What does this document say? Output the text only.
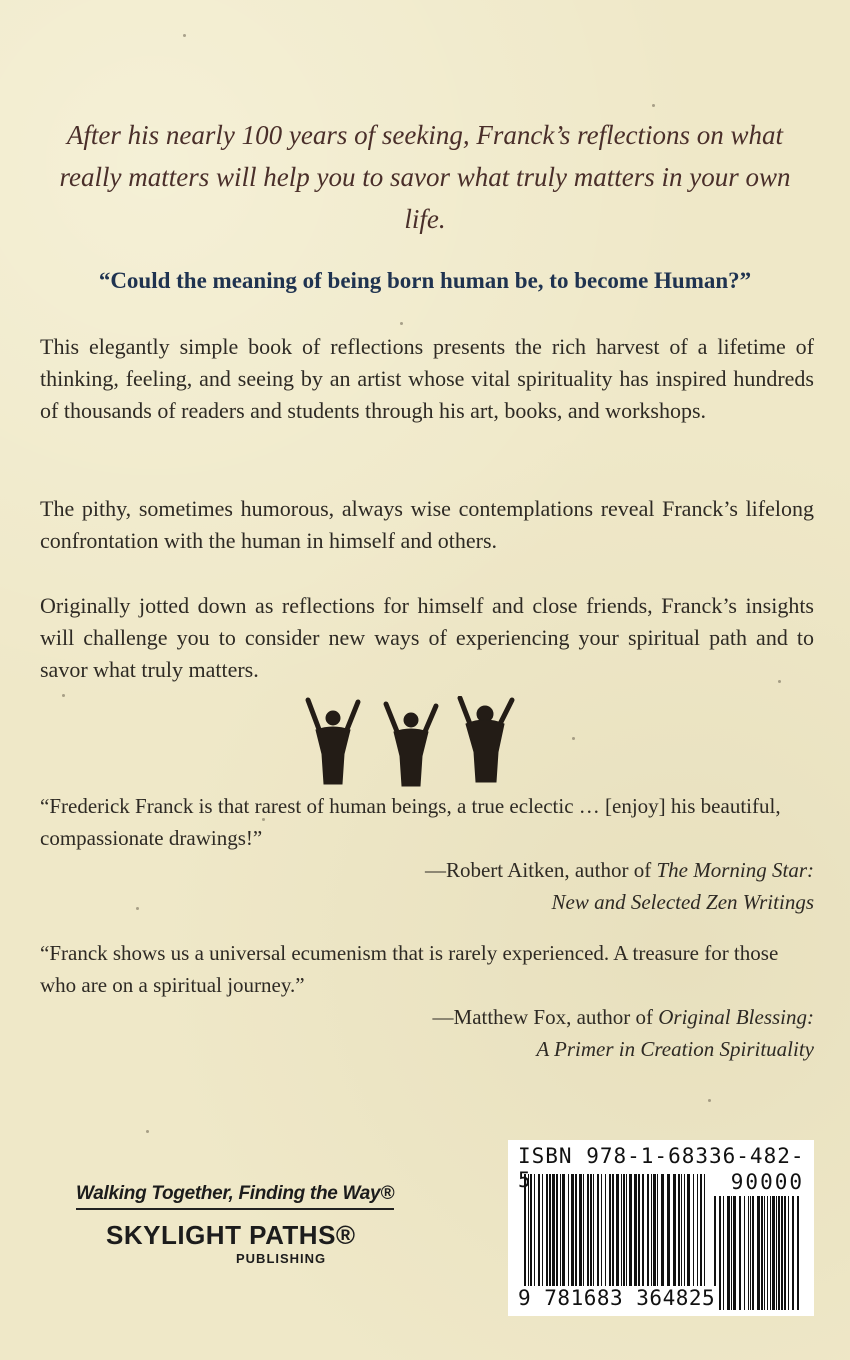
After his nearly 100 years of seeking, Franck’s reflections on what really matters will help you to savor what truly matters in your own life.
“Could the meaning of being born human be, to become Human?”

This elegantly simple book of reflections presents the rich harvest of a lifetime of thinking, feeling, and seeing by an artist whose vital spirituality has inspired hundreds of thousands of readers and students through his art, books, and workshops.

The pithy, sometimes humorous, always wise contemplations reveal Franck’s lifelong confrontation with the human in himself and others.

Originally jotted down as reflections for himself and close friends, Franck’s insights will challenge you to consider new ways of experiencing your spiritual path and to savor what truly matters.

“Frederick Franck is that rarest of human beings, a true eclectic … [enjoy] his beautiful, compassionate drawings!”
—Robert Aitken, author of The Morning Star:
New and Selected Zen Writings
“Franck shows us a universal ecumenism that is rarely experienced. A treasure for those who are on a spiritual journey.”
—Matthew Fox, author of Original Blessing:
A Primer in Creation Spirituality
Walking Together, Finding the Way®
SKYLIGHT PATHS®
PUBLISHING
ISBN 978-1-68336-482-5	90000
9 781683 364825
